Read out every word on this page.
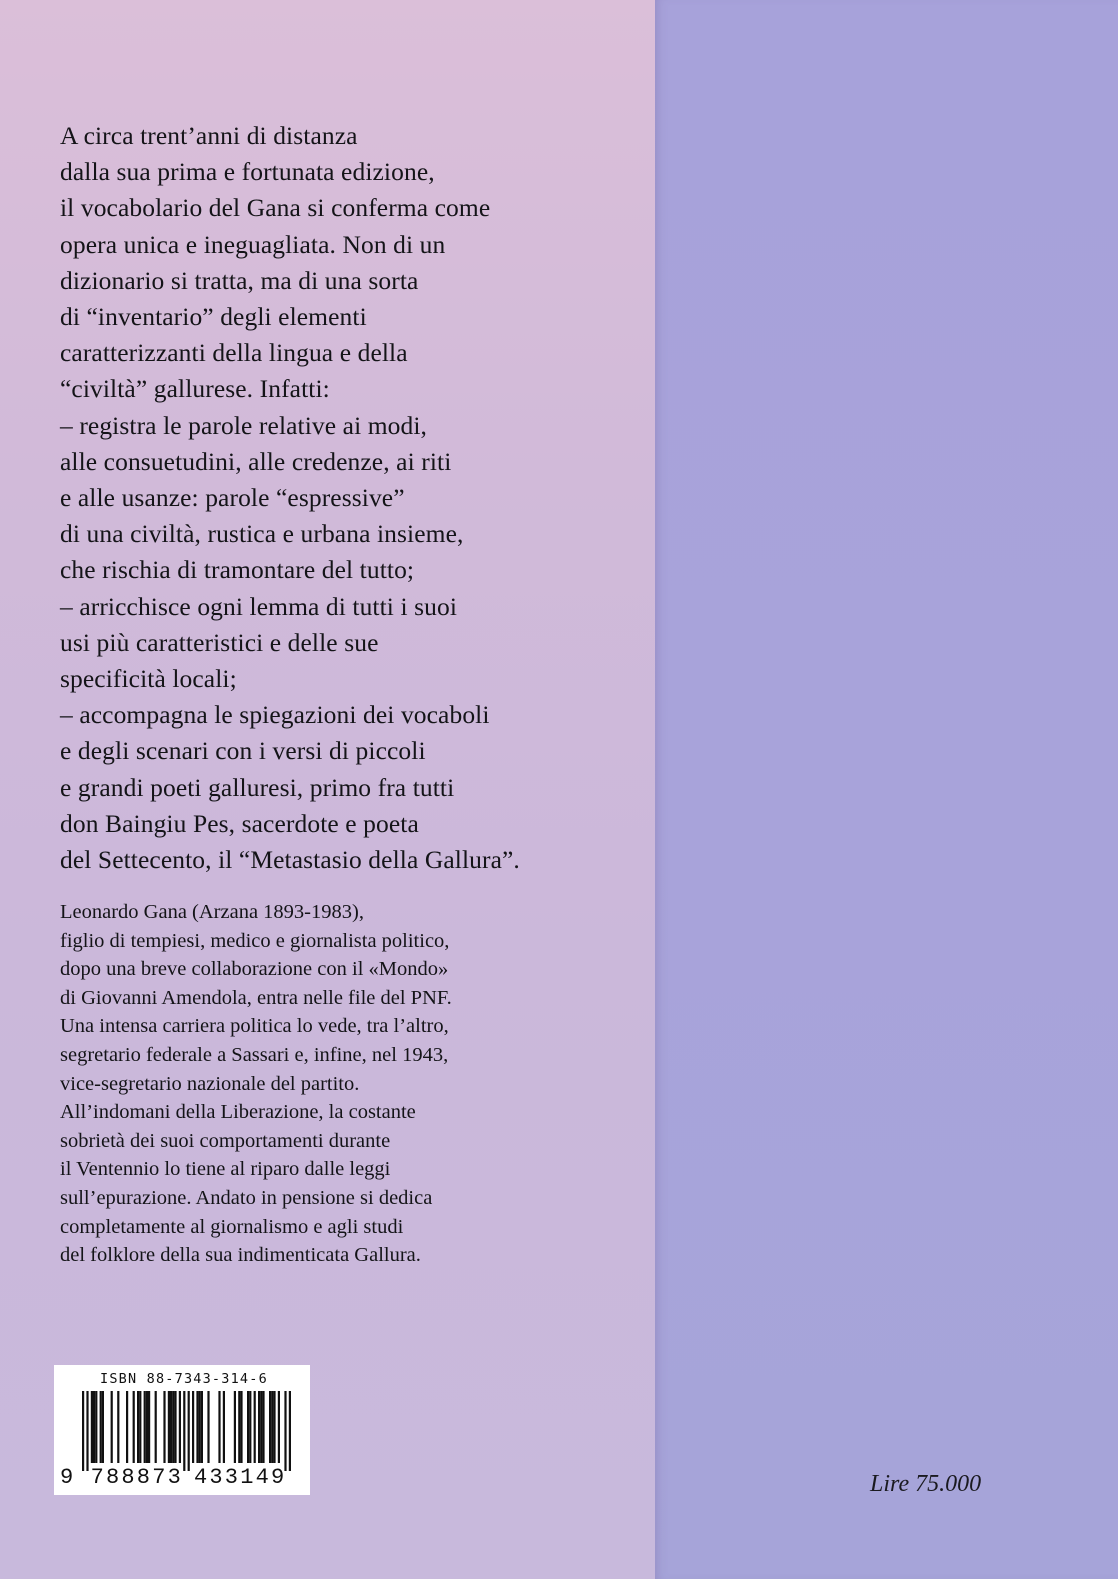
A circa trent’anni di distanza
dalla sua prima e fortunata edizione,
il vocabolario del Gana si conferma come
opera unica e ineguagliata. Non di un
dizionario si tratta, ma di una sorta
di “inventario” degli elementi
caratterizzanti della lingua e della
“civiltà” gallurese. Infatti:
– registra le parole relative ai modi,
alle consuetudini, alle credenze, ai riti
e alle usanze: parole “espressive”
di una civiltà, rustica e urbana insieme,
che rischia di tramontare del tutto;
– arricchisce ogni lemma di tutti i suoi
usi più caratteristici e delle sue
specificità locali;
– accompagna le spiegazioni dei vocaboli
e degli scenari con i versi di piccoli
e grandi poeti galluresi, primo fra tutti
don Baingiu Pes, sacerdote e poeta
del Settecento, il “Metastasio della Gallura”.
Leonardo Gana (Arzana 1893-1983),
figlio di tempiesi, medico e giornalista politico,
dopo una breve collaborazione con il «Mondo»
di Giovanni Amendola, entra nelle file del PNF.
Una intensa carriera politica lo vede, tra l’altro,
segretario federale a Sassari e, infine, nel 1943,
vice-segretario nazionale del partito.
All’indomani della Liberazione, la costante
sobrietà dei suoi comportamenti durante
il Ventennio lo tiene al riparo dalle leggi
sull’epurazione. Andato in pensione si dedica
completamente al giornalismo e agli studi
del folklore della sua indimenticata Gallura.
ISBN 88-7343-314-6
9 7 8 8 8 7 3 4 3 3 1 4 9	Lire 75.000
